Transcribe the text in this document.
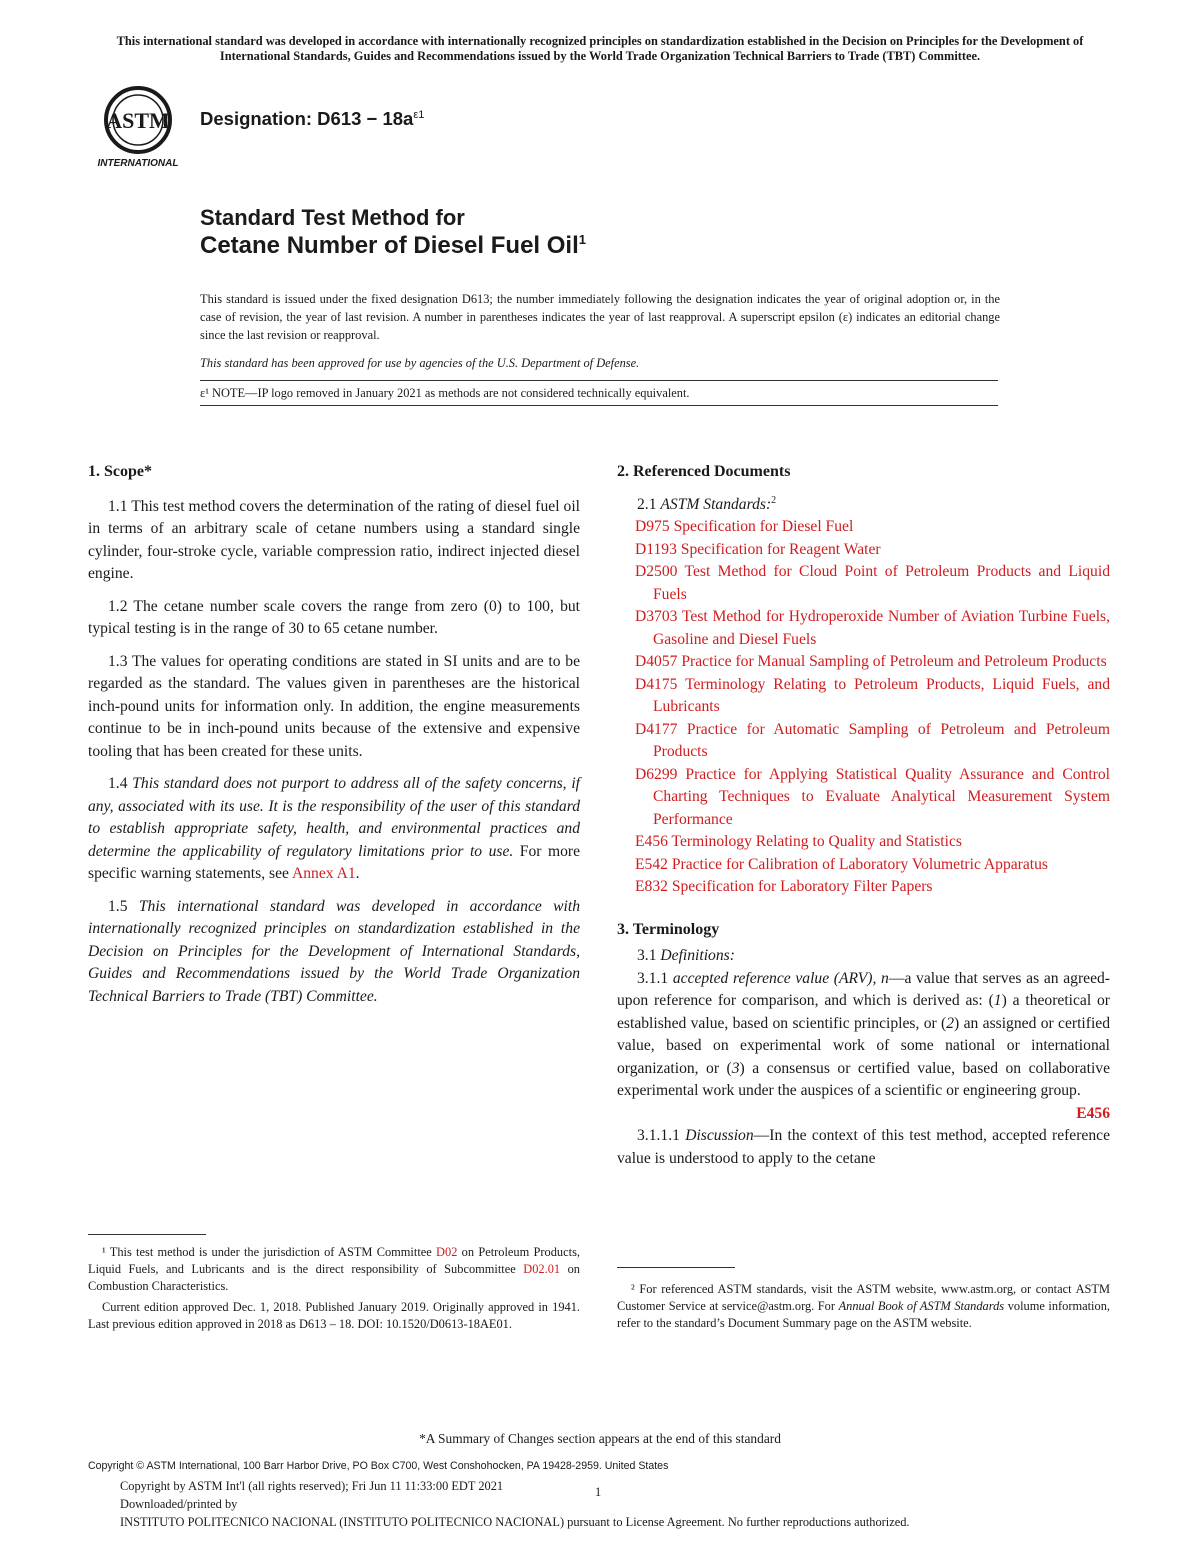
This international standard was developed in accordance with internationally recognized principles on standardization established in the Decision on Principles for the Development of International Standards, Guides and Recommendations issued by the World Trade Organization Technical Barriers to Trade (TBT) Committee.
ASTM
INTERNATIONAL
Designation: $D613 - 18a^{\varepsilon 1}$
Standard Test Method for
Cetane Number of Diesel Fuel Oil$^1$
This standard is issued under the fixed designation D613; the number immediately following the designation indicates the year of original adoption or, in the case of revision, the year of last revision. A number in parentheses indicates the year of last reapproval. A superscript epsilon (ε) indicates an editorial change since the last revision or reapproval.
This standard has been approved for use by agencies of the U.S. Department of Defense.
ε¹ NOTE—IP logo removed in January 2021 as methods are not considered technically equivalent.
1. Scope*

1.1 This test method covers the determination of the rating of diesel fuel oil in terms of an arbitrary scale of cetane numbers using a standard single cylinder, four-stroke cycle, variable compression ratio, indirect injected diesel engine.

1.2 The cetane number scale covers the range from zero (0) to 100, but typical testing is in the range of 30 to 65 cetane number.

1.3 The values for operating conditions are stated in SI units and are to be regarded as the standard. The values given in parentheses are the historical inch-pound units for information only. In addition, the engine measurements continue to be in inch-pound units because of the extensive and expensive tooling that has been created for these units.

1.4 This standard does not purport to address all of the safety concerns, if any, associated with its use. It is the responsibility of the user of this standard to establish appropriate safety, health, and environmental practices and determine the applicability of regulatory limitations prior to use. For more specific warning statements, see Annex A1.

1.5 This international standard was developed in accordance with internationally recognized principles on standardization established in the Decision on Principles for the Development of International Standards, Guides and Recommendations issued by the World Trade Organization Technical Barriers to Trade (TBT) Committee.

¹ This test method is under the jurisdiction of ASTM Committee D02 on Petroleum Products, Liquid Fuels, and Lubricants and is the direct responsibility of Subcommittee D02.01 on Combustion Characteristics.
Current edition approved Dec. 1, 2018. Published January 2019. Originally approved in 1941. Last previous edition approved in 2018 as D613 – 18. DOI: 10.1520/D0613-18AE01.
2. Referenced Documents
2.1 ASTM Standards:$^2$

D975 Specification for Diesel Fuel

D1193 Specification for Reagent Water

D2500 Test Method for Cloud Point of Petroleum Products and Liquid Fuels

D3703 Test Method for Hydroperoxide Number of Aviation Turbine Fuels, Gasoline and Diesel Fuels

D4057 Practice for Manual Sampling of Petroleum and Petroleum Products

D4175 Terminology Relating to Petroleum Products, Liquid Fuels, and Lubricants

D4177 Practice for Automatic Sampling of Petroleum and Petroleum Products

D6299 Practice for Applying Statistical Quality Assurance and Control Charting Techniques to Evaluate Analytical Measurement System Performance

E456 Terminology Relating to Quality and Statistics

E542 Practice for Calibration of Laboratory Volumetric Apparatus

E832 Specification for Laboratory Filter Papers

3. Terminology
3.1 Definitions:

3.1.1 accepted reference value (ARV), n—a value that serves as an agreed-upon reference for comparison, and which is derived as: (1) a theoretical or established value, based on scientific principles, or (2) an assigned or certified value, based on experimental work of some national or international organization, or (3) a consensus or certified value, based on collaborative experimental work under the auspices of a scientific or engineering group.
E456

3.1.1.1 Discussion—In the context of this test method, accepted reference value is understood to apply to the cetane

² For referenced ASTM standards, visit the ASTM website, www.astm.org, or contact ASTM Customer Service at service@astm.org. For Annual Book of ASTM Standards volume information, refer to the standard’s Document Summary page on the ASTM website.
*A Summary of Changes section appears at the end of this standard
Copyright © ASTM International, 100 Barr Harbor Drive, PO Box C700, West Conshohocken, PA 19428-2959. United States
Copyright by ASTM Int'l (all rights reserved); Fri Jun 11 11:33:00 EDT 2021	1
Downloaded/printed by
INSTITUTO POLITECNICO NACIONAL (INSTITUTO POLITECNICO NACIONAL) pursuant to License Agreement. No further reproductions authorized.
